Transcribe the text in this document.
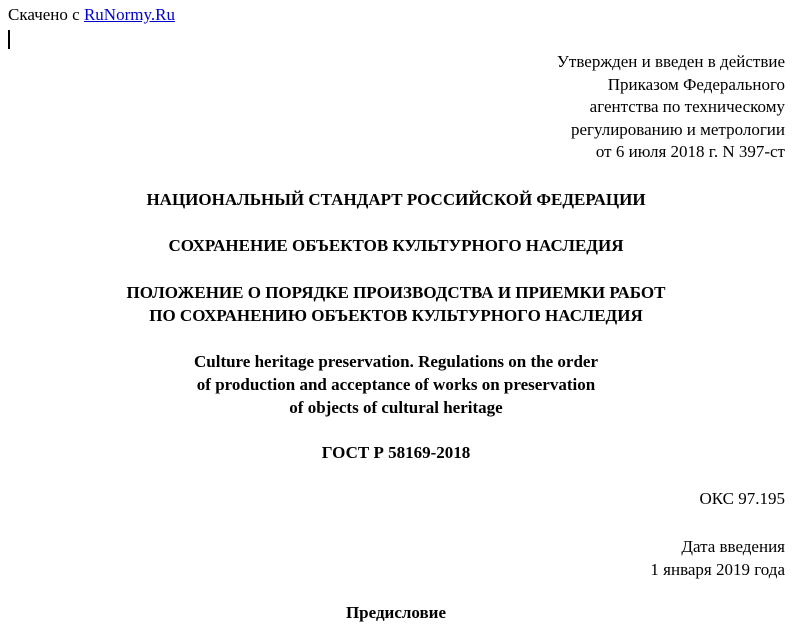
Скачено с RuNormy.Ru
Утвержден и введен в действие
Приказом Федерального
агентства по техническому
регулированию и метрологии
от 6 июля 2018 г. N 397-ст
НАЦИОНАЛЬНЫЙ СТАНДАРТ РОССИЙСКОЙ ФЕДЕРАЦИИ
СОХРАНЕНИЕ ОБЪЕКТОВ КУЛЬТУРНОГО НАСЛЕДИЯ
ПОЛОЖЕНИЕ О ПОРЯДКЕ ПРОИЗВОДСТВА И ПРИЕМКИ РАБОТ
ПО СОХРАНЕНИЮ ОБЪЕКТОВ КУЛЬТУРНОГО НАСЛЕДИЯ
Culture heritage preservation. Regulations on the order
of production and acceptance of works on preservation
of objects of cultural heritage
ГОСТ Р 58169-2018
ОКС 97.195
Дата введения
1 января 2019 года
Предисловие
